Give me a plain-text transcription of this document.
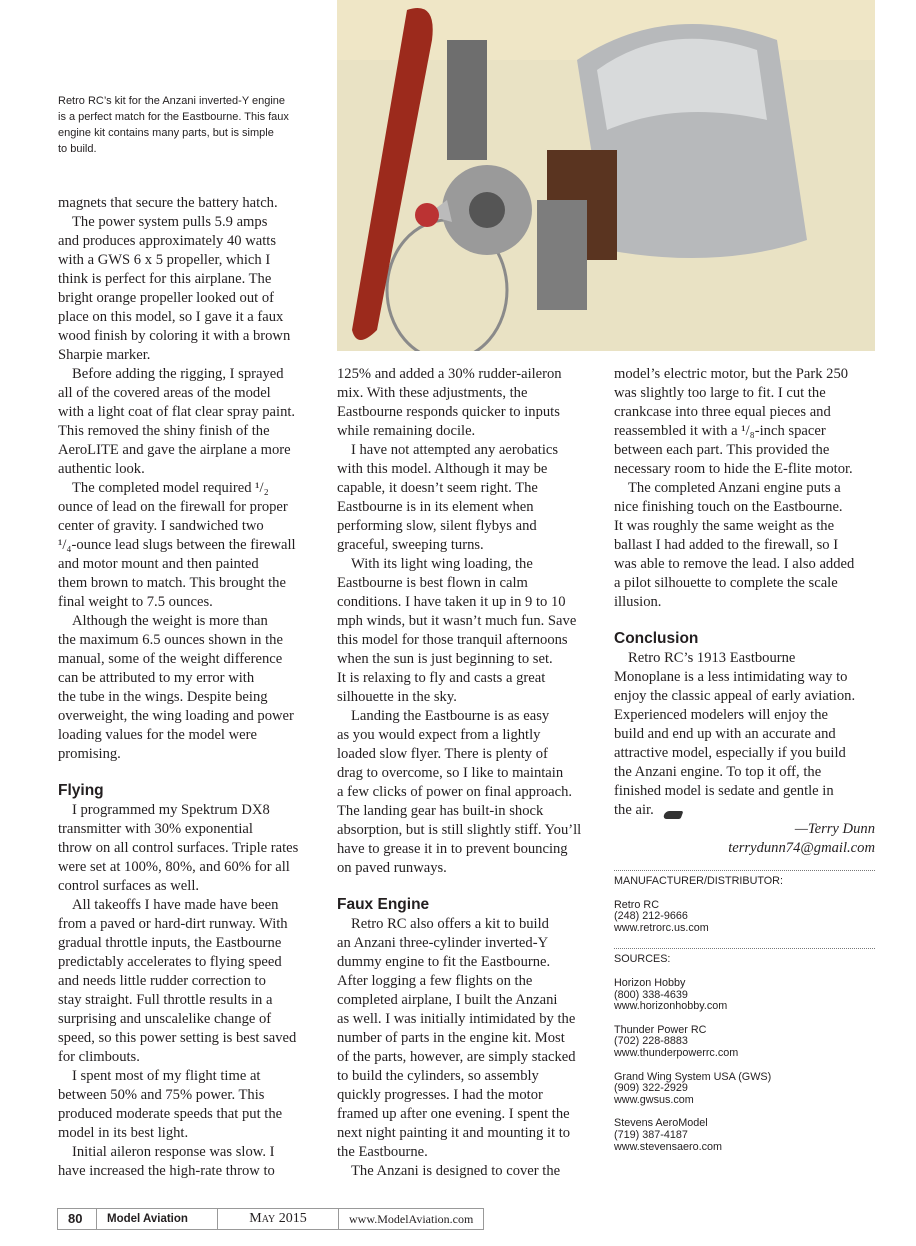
Retro RC’s kit for the Anzani inverted-Y engine
is a perfect match for the Eastbourne. This faux
engine kit contains many parts, but is simple
to build.
magnets that secure the battery hatch.
The power system pulls 5.9 amps
and produces approximately 40 watts
with a GWS 6 x 5 propeller, which I
think is perfect for this airplane. The
bright orange propeller looked out of
place on this model, so I gave it a faux
wood finish by coloring it with a brown
Sharpie marker.
Before adding the rigging, I sprayed
all of the covered areas of the model
with a light coat of flat clear spray paint.
This removed the shiny finish of the
AeroLITE and gave the airplane a more
authentic look.
The completed model required ¹/₂
ounce of lead on the firewall for proper
center of gravity. I sandwiched two
¹/₄-ounce lead slugs between the firewall
and motor mount and then painted
them brown to match. This brought the
final weight to 7.5 ounces.
Although the weight is more than
the maximum 6.5 ounces shown in the
manual, some of the weight difference
can be attributed to my error with
the tube in the wings. Despite being
overweight, the wing loading and power
loading values for the model were
promising.
Flying
I programmed my Spektrum DX8
transmitter with 30% exponential
throw on all control surfaces. Triple rates
were set at 100%, 80%, and 60% for all
control surfaces as well.
All takeoffs I have made have been
from a paved or hard-dirt runway. With
gradual throttle inputs, the Eastbourne
predictably accelerates to flying speed
and needs little rudder correction to
stay straight. Full throttle results in a
surprising and unscalelike change of
speed, so this power setting is best saved
for climbouts.
I spent most of my flight time at
between 50% and 75% power. This
produced moderate speeds that put the
model in its best light.
Initial aileron response was slow. I
have increased the high-rate throw to
125% and added a 30% rudder-aileron
mix. With these adjustments, the
Eastbourne responds quicker to inputs
while remaining docile.
I have not attempted any aerobatics
with this model. Although it may be
capable, it doesn’t seem right. The
Eastbourne is in its element when
performing slow, silent flybys and
graceful, sweeping turns.
With its light wing loading, the
Eastbourne is best flown in calm
conditions. I have taken it up in 9 to 10
mph winds, but it wasn’t much fun. Save
this model for those tranquil afternoons
when the sun is just beginning to set.
It is relaxing to fly and casts a great
silhouette in the sky.
Landing the Eastbourne is as easy
as you would expect from a lightly
loaded slow flyer. There is plenty of
drag to overcome, so I like to maintain
a few clicks of power on final approach.
The landing gear has built-in shock
absorption, but is still slightly stiff. You’ll
have to grease it in to prevent bouncing
on paved runways.
Faux Engine
Retro RC also offers a kit to build
an Anzani three-cylinder inverted-Y
dummy engine to fit the Eastbourne.
After logging a few flights on the
completed airplane, I built the Anzani
as well. I was initially intimidated by the
number of parts in the engine kit. Most
of the parts, however, are simply stacked
to build the cylinders, so assembly
quickly progresses. I had the motor
framed up after one evening. I spent the
next night painting it and mounting it to
the Eastbourne.
The Anzani is designed to cover the
model’s electric motor, but the Park 250
was slightly too large to fit. I cut the
crankcase into three equal pieces and
reassembled it with a ¹/₈-inch spacer
between each part. This provided the
necessary room to hide the E-flite motor.
The completed Anzani engine puts a
nice finishing touch on the Eastbourne.
It was roughly the same weight as the
ballast I had added to the firewall, so I
was able to remove the lead. I also added
a pilot silhouette to complete the scale
illusion.
Conclusion
Retro RC’s 1913 Eastbourne
Monoplane is a less intimidating way to
enjoy the classic appeal of early aviation.
Experienced modelers will enjoy the
build and end up with an accurate and
attractive model, especially if you build
the Anzani engine. To top it off, the
finished model is sedate and gentle in
the air.
—Terry Dunn
terrydunn74@gmail.com
MANUFACTURER/DISTRIBUTOR:
Retro RC
(248) 212-9666
www.retrorc.us.com
SOURCES:
Horizon Hobby
(800) 338-4639
www.horizonhobby.com
Thunder Power RC
(702) 228-8883
www.thunderpowerrc.com
Grand Wing System USA (GWS)
(909) 322-2929
www.gwsus.com
Stevens AeroModel
(719) 387-4187
www.stevensaero.com
80	Model Aviation	May 2015	www.ModelAviation.com
